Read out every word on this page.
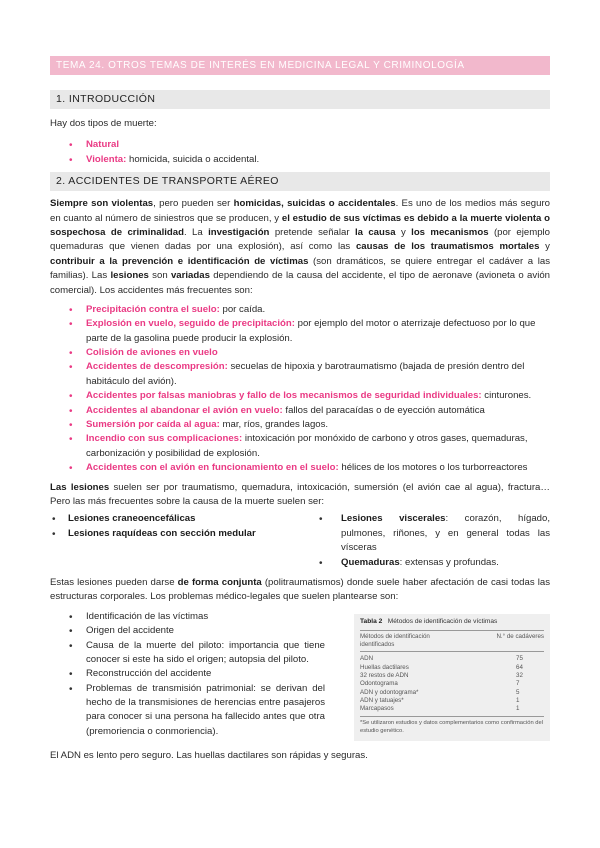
TEMA 24. OTROS TEMAS DE INTERÉS EN MEDICINA LEGAL Y CRIMINOLOGÍA
1. INTRODUCCIÓN

Hay dos tipos de muerte:

• Natural
• Violenta: homicida, suicida o accidental.
2. ACCIDENTES DE TRANSPORTE AÉREO

Siempre son violentas, pero pueden ser homicidas, suicidas o accidentales. Es uno de los medios más seguro en cuanto al número de siniestros que se producen, y el estudio de sus víctimas es debido a la muerte violenta o sospechosa de criminalidad. La investigación pretende señalar la causa y los mecanismos (por ejemplo quemaduras que vienen dadas por una explosión), así como las causas de los traumatismos mortales y contribuir a la prevención e identificación de víctimas (son dramáticos, se quiere entregar el cadáver a las familias). Las lesiones son variadas dependiendo de la causa del accidente, el tipo de aeronave (avioneta o avión comercial). Los accidentes más frecuentes son:

• Precipitación contra el suelo: por caída.
• Explosión en vuelo, seguido de precipitación: por ejemplo del motor o aterrizaje defectuoso por lo que parte de la gasolina puede producir la explosión.
• Colisión de aviones en vuelo
• Accidentes de descompresión: secuelas de hipoxia y barotraumatismo (bajada de presión dentro del habitáculo del avión).
• Accidentes por falsas maniobras y fallo de los mecanismos de seguridad individuales: cinturones.
• Accidentes al abandonar el avión en vuelo: fallos del paracaídas o de eyección automática
• Sumersión por caída al agua: mar, ríos, grandes lagos.
• Incendio con sus complicaciones: intoxicación por monóxido de carbono y otros gases, quemaduras, carbonización y posibilidad de explosión.
• Accidentes con el avión en funcionamiento en el suelo: hélices de los motores o los turborreactores

Las lesiones suelen ser por traumatismo, quemadura, intoxicación, sumersión (el avión cae al agua), fractura… Pero las más frecuentes sobre la causa de la muerte suelen ser:

• Lesiones craneoencefálicas
• Lesiones raquídeas con sección medular
• Lesiones viscerales: corazón, hígado, pulmones, riñones, y en general todas las vísceras
• Quemaduras: extensas y profundas.

Estas lesiones pueden darse de forma conjunta (politraumatismos) donde suele haber afectación de casi todas las estructuras corporales. Los problemas médico-legales que suelen plantearse son:

• Identificación de las víctimas
• Origen del accidente
• Causa de la muerte del piloto: importancia que tiene conocer si este ha sido el origen; autopsia del piloto.
• Reconstrucción del accidente
• Problemas de transmisión patrimonial: se derivan del hecho de la transmisiones de herencias entre pasajeros para conocer si una persona ha fallecido antes que otra (premoriencia o conmoriencia).
Tabla 2 Métodos de identificación de víctimas
Métodos de identificación identificados
N.° de cadáveres
ADN	75
Huellas dactilares	64
32 restos de ADN	32
Odontograma	7
ADN y odontograma*	5
ADN y tatuajes*	1
Marcapasos	1
*Se utilizaron estudios y datos complementarios como confirmación del estudio genético.

El ADN es lento pero seguro. Las huellas dactilares son rápidas y seguras.
